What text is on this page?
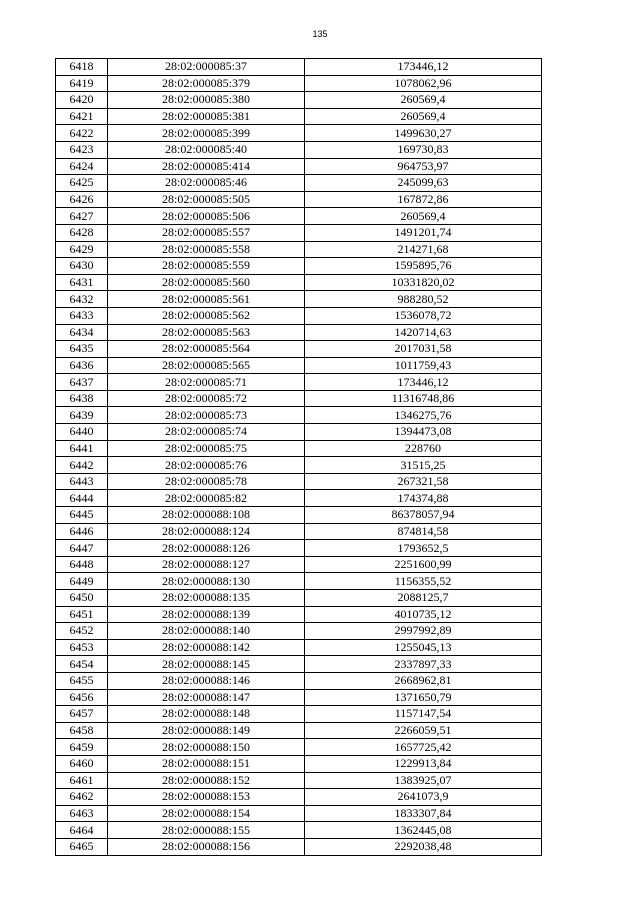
135
6418	28:02:000085:37	173446,12
6419	28:02:000085:379	1078062,96
6420	28:02:000085:380	260569,4
6421	28:02:000085:381	260569,4
6422	28:02:000085:399	1499630,27
6423	28:02:000085:40	169730,83
6424	28:02:000085:414	964753,97
6425	28:02:000085:46	245099,63
6426	28:02:000085:505	167872,86
6427	28:02:000085:506	260569,4
6428	28:02:000085:557	1491201,74
6429	28:02:000085:558	214271,68
6430	28:02:000085:559	1595895,76
6431	28:02:000085:560	10331820,02
6432	28:02:000085:561	988280,52
6433	28:02:000085:562	1536078,72
6434	28:02:000085:563	1420714,63
6435	28:02:000085:564	2017031,58
6436	28:02:000085:565	1011759,43
6437	28:02:000085:71	173446,12
6438	28:02:000085:72	11316748,86
6439	28:02:000085:73	1346275,76
6440	28:02:000085:74	1394473,08
6441	28:02:000085:75	228760
6442	28:02:000085:76	31515,25
6443	28:02:000085:78	267321,58
6444	28:02:000085:82	174374,88
6445	28:02:000088:108	86378057,94
6446	28:02:000088:124	874814,58
6447	28:02:000088:126	1793652,5
6448	28:02:000088:127	2251600,99
6449	28:02:000088:130	1156355,52
6450	28:02:000088:135	2088125,7
6451	28:02:000088:139	4010735,12
6452	28:02:000088:140	2997992,89
6453	28:02:000088:142	1255045,13
6454	28:02:000088:145	2337897,33
6455	28:02:000088:146	2668962,81
6456	28:02:000088:147	1371650,79
6457	28:02:000088:148	1157147,54
6458	28:02:000088:149	2266059,51
6459	28:02:000088:150	1657725,42
6460	28:02:000088:151	1229913,84
6461	28:02:000088:152	1383925,07
6462	28:02:000088:153	2641073,9
6463	28:02:000088:154	1833307,84
6464	28:02:000088:155	1362445,08
6465	28:02:000088:156	2292038,48
